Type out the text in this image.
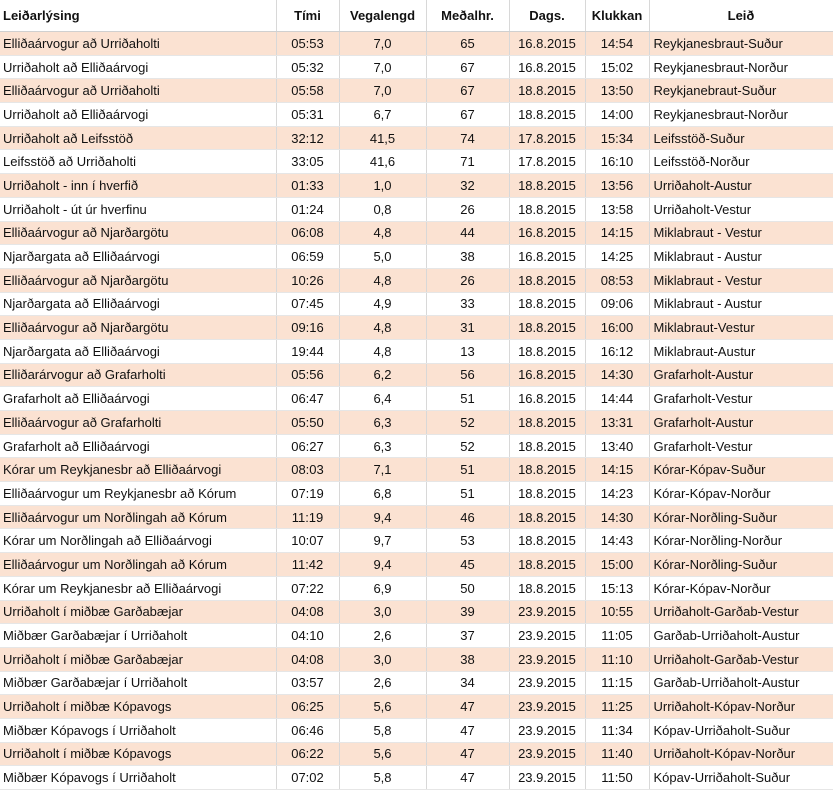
Leiðarlýsing	Tími	Vegalengd	Meðalhr.	Dags.	Klukkan	Leið
Elliðaárvogur að Urriðaholti	05:53	7,0	65	16.8.2015	14:54	Reykjanesbraut-Suður
Urriðaholt að Elliðaárvogi	05:32	7,0	67	16.8.2015	15:02	Reykjanesbraut-Norður
Elliðaárvogur að Urriðaholti	05:58	7,0	67	18.8.2015	13:50	Reykjanebraut-Suður
Urriðaholt að Elliðaárvogi	05:31	6,7	67	18.8.2015	14:00	Reykjanesbraut-Norður
Urriðaholt að Leifsstöð	32:12	41,5	74	17.8.2015	15:34	Leifsstöð-Suður
Leifsstöð að Urriðaholti	33:05	41,6	71	17.8.2015	16:10	Leifsstöð-Norður
Urriðaholt - inn í hverfið	01:33	1,0	32	18.8.2015	13:56	Urriðaholt-Austur
Urriðaholt - út úr hverfinu	01:24	0,8	26	18.8.2015	13:58	Urriðaholt-Vestur
Elliðaárvogur að Njarðargötu	06:08	4,8	44	16.8.2015	14:15	Miklabraut - Vestur
Njarðargata að Elliðaárvogi	06:59	5,0	38	16.8.2015	14:25	Miklabraut - Austur
Elliðaárvogur að Njarðargötu	10:26	4,8	26	18.8.2015	08:53	Miklabraut - Vestur
Njarðargata að Elliðaárvogi	07:45	4,9	33	18.8.2015	09:06	Miklabraut - Austur
Elliðaárvogur að Njarðargötu	09:16	4,8	31	18.8.2015	16:00	Miklabraut-Vestur
Njarðargata að Elliðaárvogi	19:44	4,8	13	18.8.2015	16:12	Miklabraut-Austur
Elliðarárvogur að Grafarholti	05:56	6,2	56	16.8.2015	14:30	Grafarholt-Austur
Grafarholt að Elliðaárvogi	06:47	6,4	51	16.8.2015	14:44	Grafarholt-Vestur
Elliðaárvogur að Grafarholti	05:50	6,3	52	18.8.2015	13:31	Grafarholt-Austur
Grafarholt að Elliðaárvogi	06:27	6,3	52	18.8.2015	13:40	Grafarholt-Vestur
Kórar um Reykjanesbr að Elliðaárvogi	08:03	7,1	51	18.8.2015	14:15	Kórar-Kópav-Suður
Elliðaárvogur um Reykjanesbr að Kórum	07:19	6,8	51	18.8.2015	14:23	Kórar-Kópav-Norður
Elliðaárvogur um Norðlingah að Kórum	11:19	9,4	46	18.8.2015	14:30	Kórar-Norðling-Suður
Kórar um Norðlingah að Elliðaárvogi	10:07	9,7	53	18.8.2015	14:43	Kórar-Norðling-Norður
Elliðaárvogur um Norðlingah að Kórum	11:42	9,4	45	18.8.2015	15:00	Kórar-Norðling-Suður
Kórar um Reykjanesbr að Elliðaárvogi	07:22	6,9	50	18.8.2015	15:13	Kórar-Kópav-Norður
Urriðaholt í miðbæ Garðabæjar	04:08	3,0	39	23.9.2015	10:55	Urriðaholt-Garðab-Vestur
Miðbær Garðabæjar í Urriðaholt	04:10	2,6	37	23.9.2015	11:05	Garðab-Urriðaholt-Austur
Urriðaholt í miðbæ Garðabæjar	04:08	3,0	38	23.9.2015	11:10	Urriðaholt-Garðab-Vestur
Miðbær Garðabæjar í Urriðaholt	03:57	2,6	34	23.9.2015	11:15	Garðab-Urriðaholt-Austur
Urriðaholt í miðbæ Kópavogs	06:25	5,6	47	23.9.2015	11:25	Urriðaholt-Kópav-Norður
Miðbær Kópavogs í Urriðaholt	06:46	5,8	47	23.9.2015	11:34	Kópav-Urriðaholt-Suður
Urriðaholt í miðbæ Kópavogs	06:22	5,6	47	23.9.2015	11:40	Urriðaholt-Kópav-Norður
Miðbær Kópavogs í Urriðaholt	07:02	5,8	47	23.9.2015	11:50	Kópav-Urriðaholt-Suður
